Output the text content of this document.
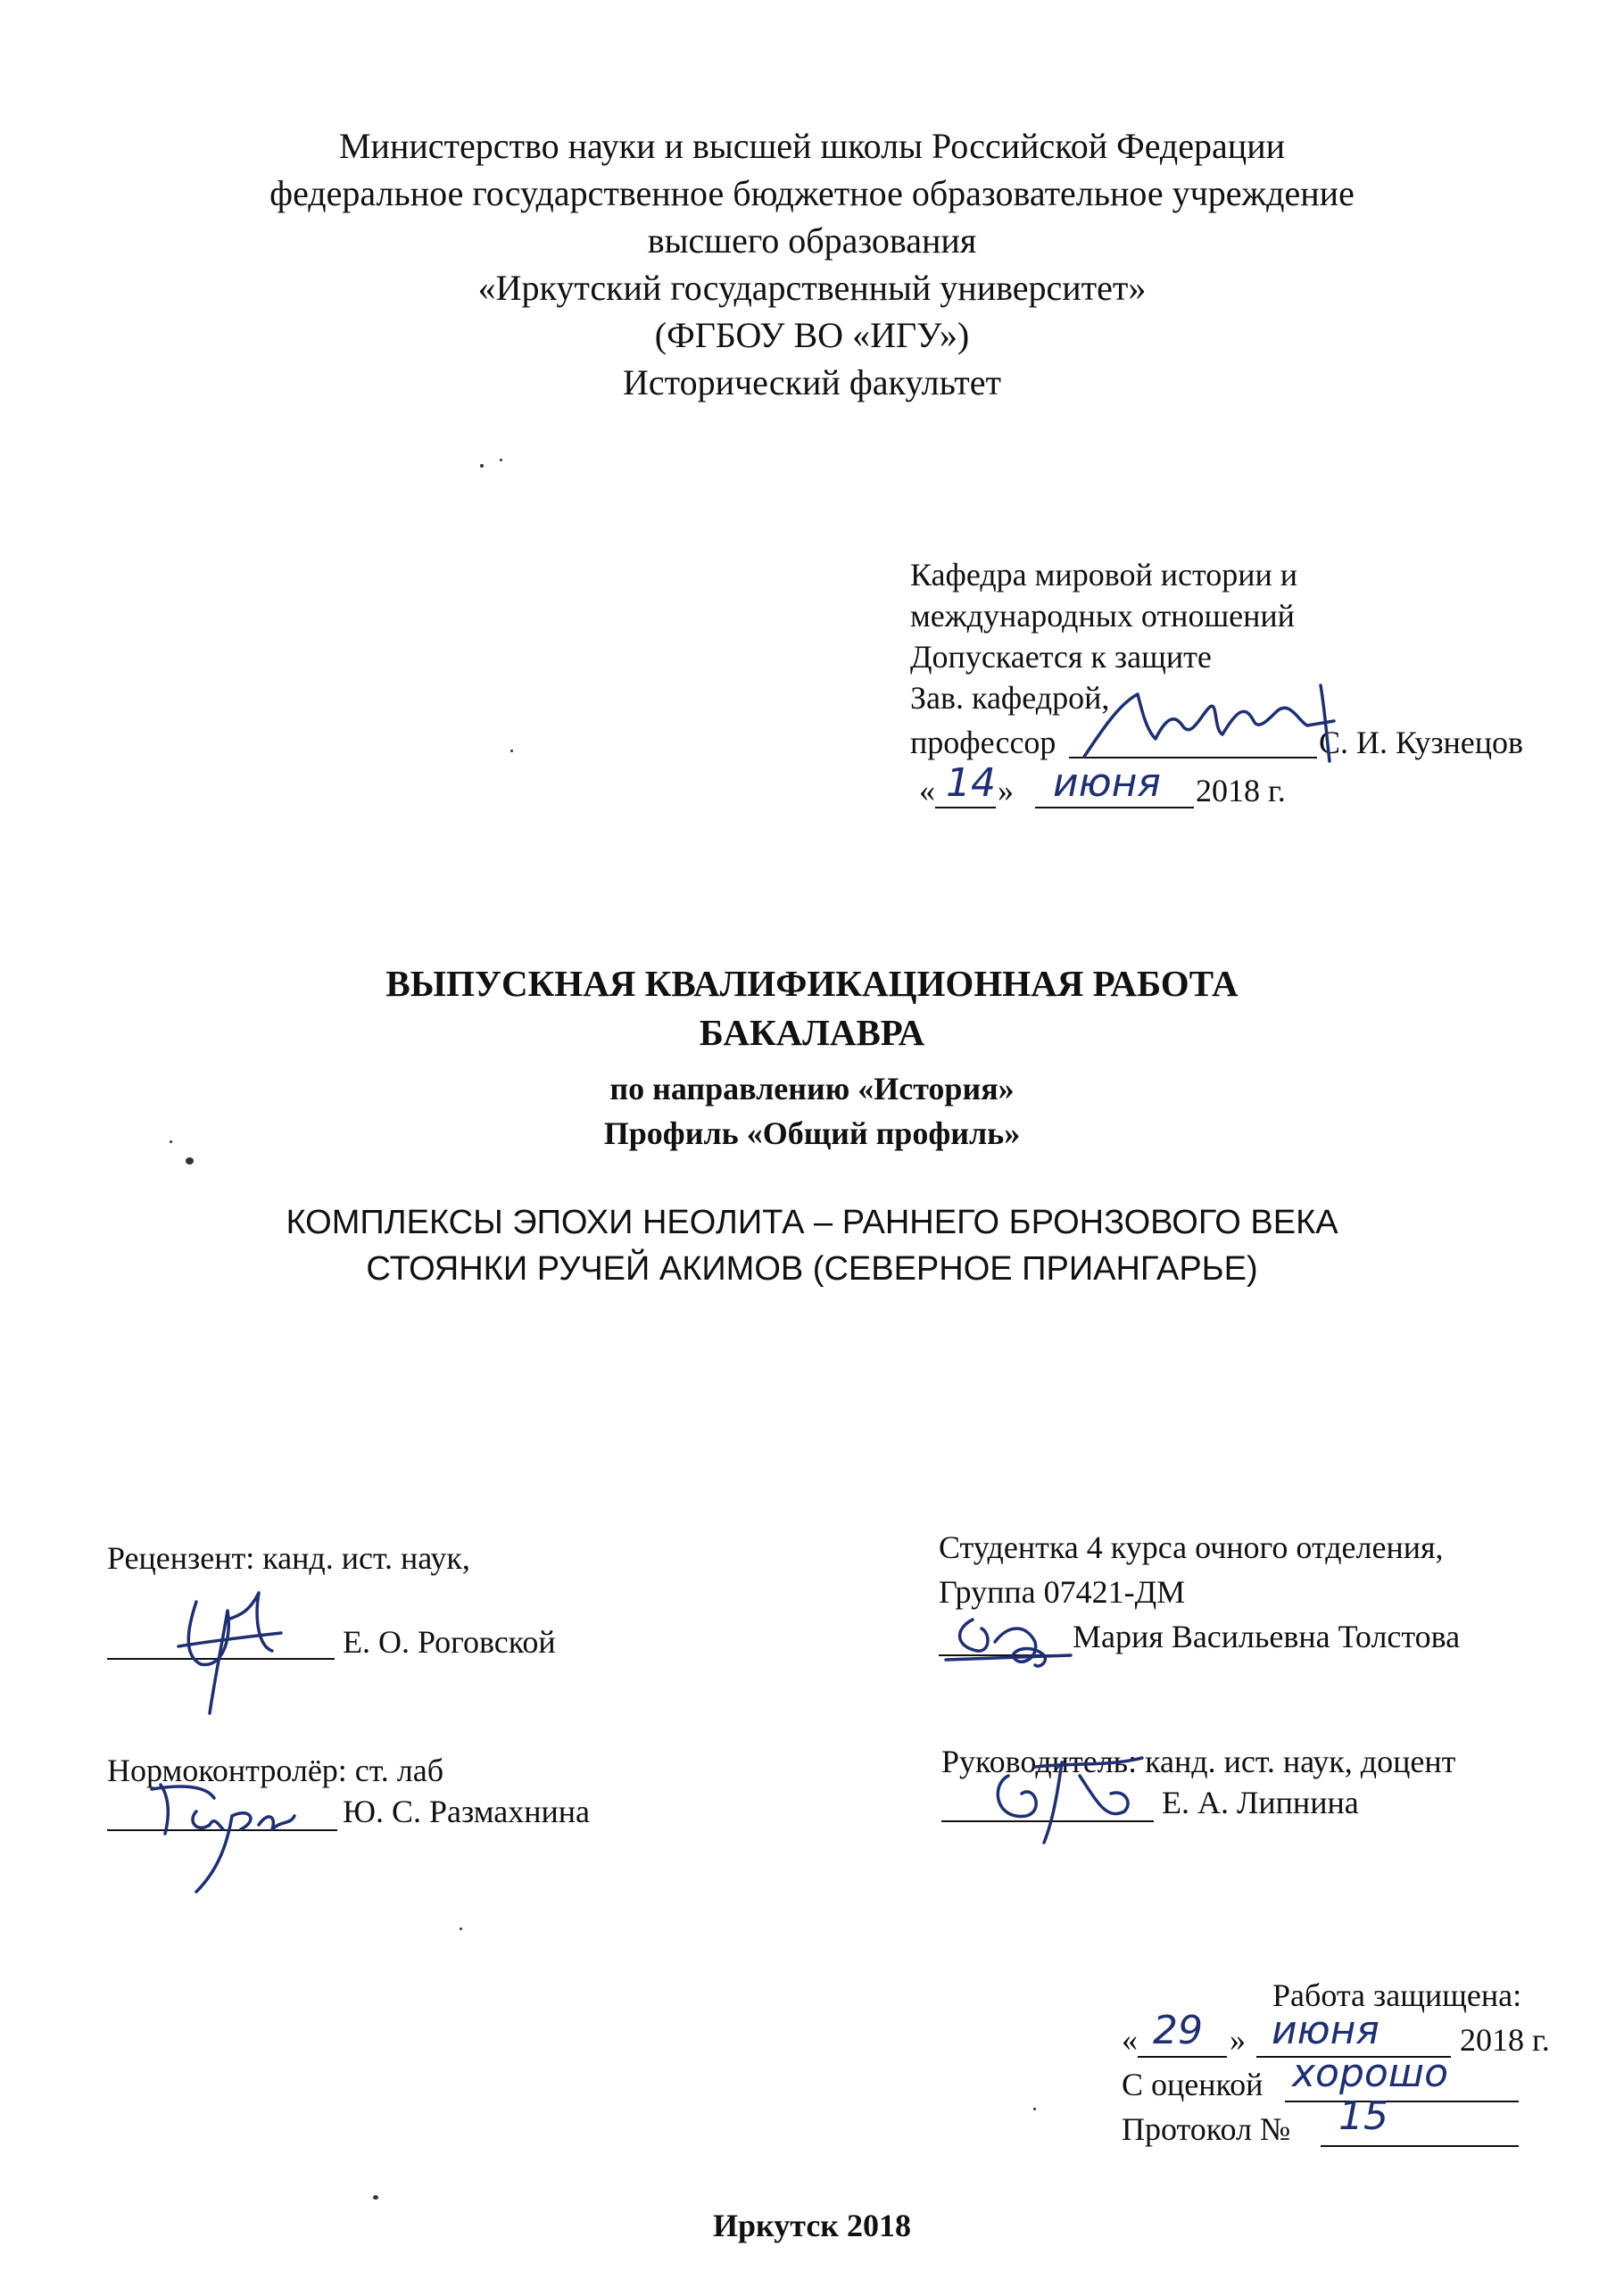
Министерство науки и высшей школы Российской Федерации
федеральное государственное бюджетное образовательное учреждение
высшего образования
«Иркутский государственный университет»
(ФГБОУ ВО «ИГУ»)
Исторический факультет
Кафедра мировой истории и
международных отношений
Допускается к защите
Зав. кафедрой,
профессор	С. И. Кузнецов
« 14 » июня 2018 г.
ВЫПУСКНАЯ КВАЛИФИКАЦИОННАЯ РАБОТА
БАКАЛАВРА
по направлению «История»
Профиль «Общий профиль»
КОМПЛЕКСЫ ЭПОХИ НЕОЛИТА – РАННЕГО БРОНЗОВОГО ВЕКА
СТОЯНКИ РУЧЕЙ АКИМОВ (СЕВЕРНОЕ ПРИАНГАРЬЕ)
Рецензент: канд. ист. наук,
Е. О. Роговской
Студентка 4 курса очного отделения,
Группа 07421-ДМ
Мария Васильевна Толстова
Нормоконтролёр: ст. лаб
Ю. С. Размахнина
Руководитель: канд. ист. наук, доцент
Е. А. Липнина
Работа защищена:
« 29 » июня	2018 г.
С оценкой хорошо
Протокол № 15
Иркутск 2018
